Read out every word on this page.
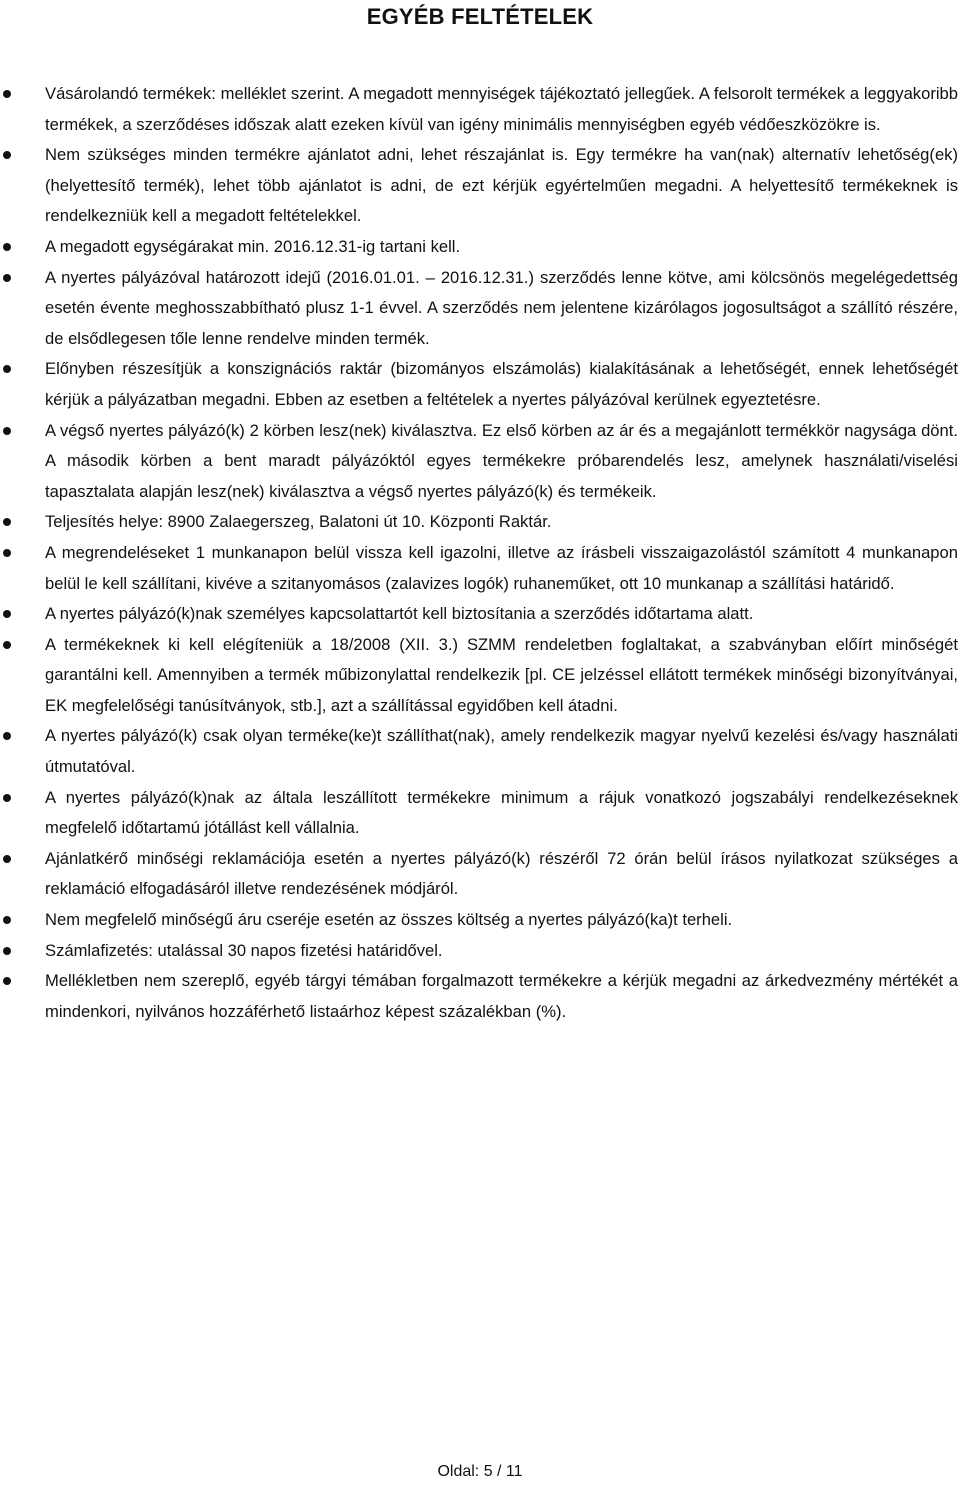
EGYÉB FELTÉTELEK
Vásárolandó termékek: melléklet szerint. A megadott mennyiségek tájékoztató jellegűek. A felsorolt termékek a leggyakoribb termékek, a szerződéses időszak alatt ezeken kívül van igény minimális mennyiségben egyéb védőeszközökre is.
Nem szükséges minden termékre ajánlatot adni, lehet részajánlat is. Egy termékre ha van(nak) alternatív lehetőség(ek) (helyettesítő termék), lehet több ajánlatot is adni, de ezt kérjük egyértelműen megadni. A helyettesítő termékeknek is rendelkezniük kell a megadott feltételekkel.
A megadott egységárakat min. 2016.12.31-ig tartani kell.
A nyertes pályázóval határozott idejű (2016.01.01. – 2016.12.31.) szerződés lenne kötve, ami kölcsönös megelégedettség esetén évente meghosszabbítható plusz 1-1 évvel. A szerződés nem jelentene kizárólagos jogosultságot a szállító részére, de elsődlegesen tőle lenne rendelve minden termék.
Előnyben részesítjük a konszignációs raktár (bizományos elszámolás) kialakításának a lehetőségét, ennek lehetőségét kérjük a pályázatban megadni. Ebben az esetben a feltételek a nyertes pályázóval kerülnek egyeztetésre.
A végső nyertes pályázó(k) 2 körben lesz(nek) kiválasztva. Ez első körben az ár és a megajánlott termékkör nagysága dönt. A második körben a bent maradt pályázóktól egyes termékekre próbarendelés lesz, amelynek használati/viselési tapasztalata alapján lesz(nek) kiválasztva a végső nyertes pályázó(k) és termékeik.
Teljesítés helye: 8900 Zalaegerszeg, Balatoni út 10. Központi Raktár.
A megrendeléseket 1 munkanapon belül vissza kell igazolni, illetve az írásbeli visszaigazolástól számított 4 munkanapon belül le kell szállítani, kivéve a szitanyomásos (zalavizes logók) ruhaneműket, ott 10 munkanap a szállítási határidő.
A nyertes pályázó(k)nak személyes kapcsolattartót kell biztosítania a szerződés időtartama alatt.
A termékeknek ki kell elégíteniük a 18/2008 (XII. 3.) SZMM rendeletben foglaltakat, a szabványban előírt minőségét garantálni kell. Amennyiben a termék műbizonylattal rendelkezik [pl. CE jelzéssel ellátott termékek minőségi bizonyítványai, EK megfelelőségi tanúsítványok, stb.], azt a szállítással egyidőben kell átadni.
A nyertes pályázó(k) csak olyan terméke(ke)t szállíthat(nak), amely rendelkezik magyar nyelvű kezelési és/vagy használati útmutatóval.
A nyertes pályázó(k)nak az általa leszállított termékekre minimum a rájuk vonatkozó jogszabályi rendelkezéseknek megfelelő időtartamú jótállást kell vállalnia.
Ajánlatkérő minőségi reklamációja esetén a nyertes pályázó(k) részéről 72 órán belül írásos nyilatkozat szükséges a reklamáció elfogadásáról illetve rendezésének módjáról.
Nem megfelelő minőségű áru cseréje esetén az összes költség a nyertes pályázó(ka)t terheli.
Számlafizetés: utalással 30 napos fizetési határidővel.
Mellékletben nem szereplő, egyéb tárgyi témában forgalmazott termékekre a kérjük megadni az árkedvezmény mértékét a mindenkori, nyilvános hozzáférhető listaárhoz képest százalékban (%).
Oldal: 5 / 11
